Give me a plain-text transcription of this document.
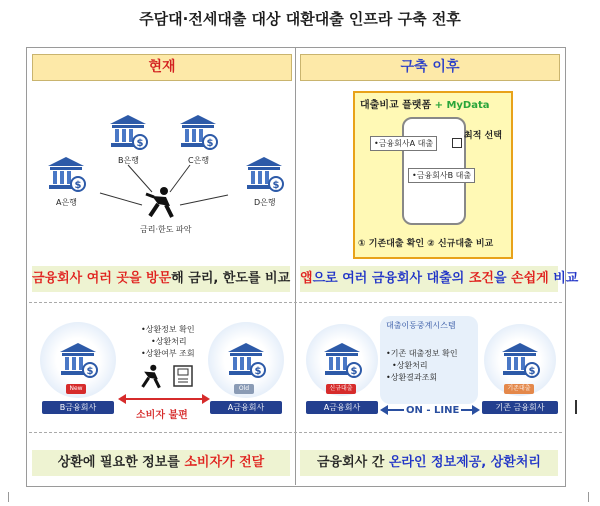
주담대·전세대출 대상 대환대출 인프라 구축 전후
현재	구축 이후
B은행	C은행
A은행	D은행
금리·한도 파악
대출비교 플랫폼 + MyData
•금융회사A 대출
최적 선택
•금융회사B 대출
① 기존대출 확인 ② 신규대출 비교
금융회사 여러 곳을 방문해 금리, 한도를 비교 앱으로 여러 금융회사 대출의 조건을 손쉽게 비교
New
B금융회사
Old
A금융회사
•상환정보 확인
•상환처리
•상환여부 조회
소비자 불편
대출이동중계시스템
•기존 대출정보 확인
•상환처리
•상환결과조회
신규대출
A금융회사
기존대출
기존 금융회사
ON - LINE
상환에 필요한 정보를 소비자가 전달	금융회사 간 온라인 정보제공, 상환처리
